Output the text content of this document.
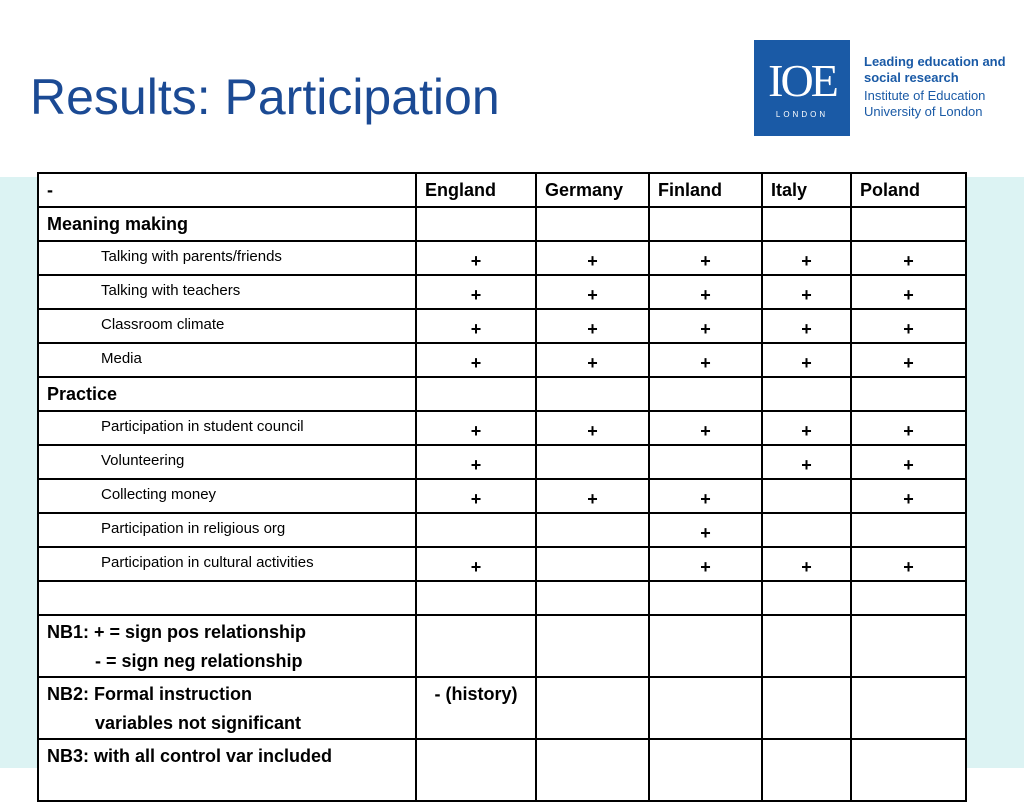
Results: Participation	IOE
LONDON
Leading education and social research
Institute of Education University of London
-	England	Germany	Finland	Italy	Poland
Meaning making					
Talking with parents/friends	+	+	+	+	+
Talking with teachers	+	+	+	+	+
Classroom climate	+	+	+	+	+
Media	+	+	+	+	+
Practice					
Participation in student council	+	+	+	+	+
Volunteering	+			+	+
Collecting money	+	+	+		+
Participation in religious org			+		
Participation in cultural activities	+		+	+	+

NB1: + = sign pos relationship
- = sign neg relationship					

NB2: Formal instruction
variables not significant	- (history)				
NB3: with all control var included
